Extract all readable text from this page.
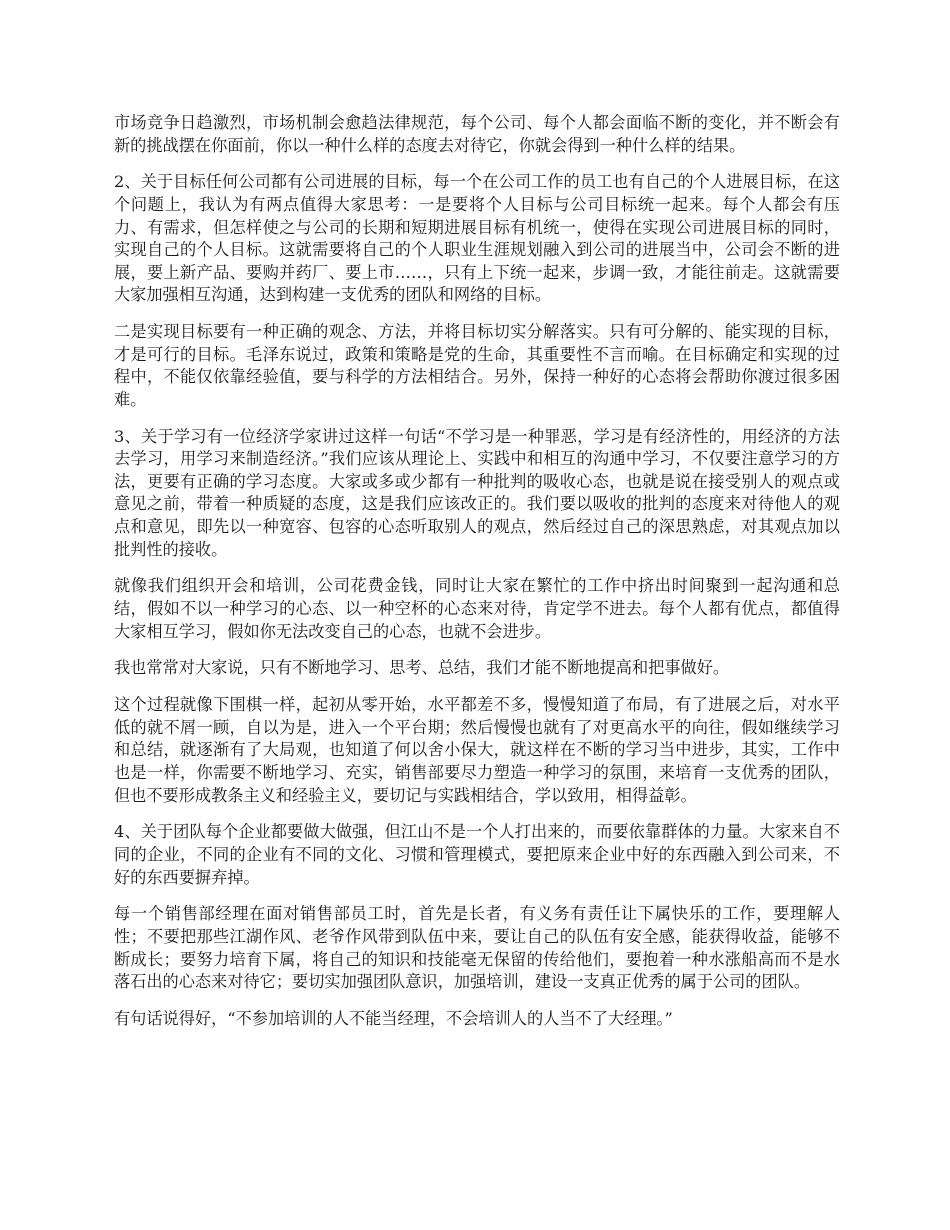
市场竞争日趋激烈，市场机制会愈趋法律规范，每个公司、每个人都会面临不断的变化，并不断会有新的挑战摆在你面前，你以一种什么样的态度去对待它，你就会得到一种什么样的结果。

2、关于目标任何公司都有公司进展的目标，每一个在公司工作的员工也有自己的个人进展目标，在这个问题上，我认为有两点值得大家思考：一是要将个人目标与公司目标统一起来。每个人都会有压力、有需求，但怎样使之与公司的长期和短期进展目标有机统一，使得在实现公司进展目标的同时，实现自己的个人目标。这就需要将自己的个人职业生涯规划融入到公司的进展当中，公司会不断的进展，要上新产品、要购并药厂、要上市……，只有上下统一起来，步调一致，才能往前走。这就需要大家加强相互沟通，达到构建一支优秀的团队和网络的目标。

二是实现目标要有一种正确的观念、方法，并将目标切实分解落实。只有可分解的、能实现的目标，才是可行的目标。毛泽东说过，政策和策略是党的生命，其重要性不言而喻。在目标确定和实现的过程中，不能仅依靠经验值，要与科学的方法相结合。另外，保持一种好的心态将会帮助你渡过很多困难。

3、关于学习有一位经济学家讲过这样一句话“不学习是一种罪恶，学习是有经济性的，用经济的方法去学习，用学习来制造经济。”我们应该从理论上、实践中和相互的沟通中学习，不仅要注意学习的方法，更要有正确的学习态度。大家或多或少都有一种批判的吸收心态，也就是说在接受别人的观点或意见之前，带着一种质疑的态度，这是我们应该改正的。我们要以吸收的批判的态度来对待他人的观点和意见，即先以一种宽容、包容的心态听取别人的观点，然后经过自己的深思熟虑，对其观点加以批判性的接收。

就像我们组织开会和培训，公司花费金钱，同时让大家在繁忙的工作中挤出时间聚到一起沟通和总结，假如不以一种学习的心态、以一种空杯的心态来对待，肯定学不进去。每个人都有优点，都值得大家相互学习，假如你无法改变自己的心态，也就不会进步。

我也常常对大家说，只有不断地学习、思考、总结，我们才能不断地提高和把事做好。

这个过程就像下围棋一样，起初从零开始，水平都差不多，慢慢知道了布局，有了进展之后，对水平低的就不屑一顾，自以为是，进入一个平台期；然后慢慢也就有了对更高水平的向往，假如继续学习和总结，就逐渐有了大局观，也知道了何以舍小保大，就这样在不断的学习当中进步，其实，工作中也是一样，你需要不断地学习、充实，销售部要尽力塑造一种学习的氛围，来培育一支优秀的团队，但也不要形成教条主义和经验主义，要切记与实践相结合，学以致用，相得益彰。

4、关于团队每个企业都要做大做强，但江山不是一个人打出来的，而要依靠群体的力量。大家来自不同的企业，不同的企业有不同的文化、习惯和管理模式，要把原来企业中好的东西融入到公司来，不好的东西要摒弃掉。

每一个销售部经理在面对销售部员工时，首先是长者，有义务有责任让下属快乐的工作，要理解人性；不要把那些江湖作风、老爷作风带到队伍中来，要让自己的队伍有安全感，能获得收益，能够不断成长；要努力培育下属，将自己的知识和技能毫无保留的传给他们，要抱着一种水涨船高而不是水落石出的心态来对待它；要切实加强团队意识，加强培训，建设一支真正优秀的属于公司的团队。

有句话说得好，“不参加培训的人不能当经理，不会培训人的人当不了大经理。”
